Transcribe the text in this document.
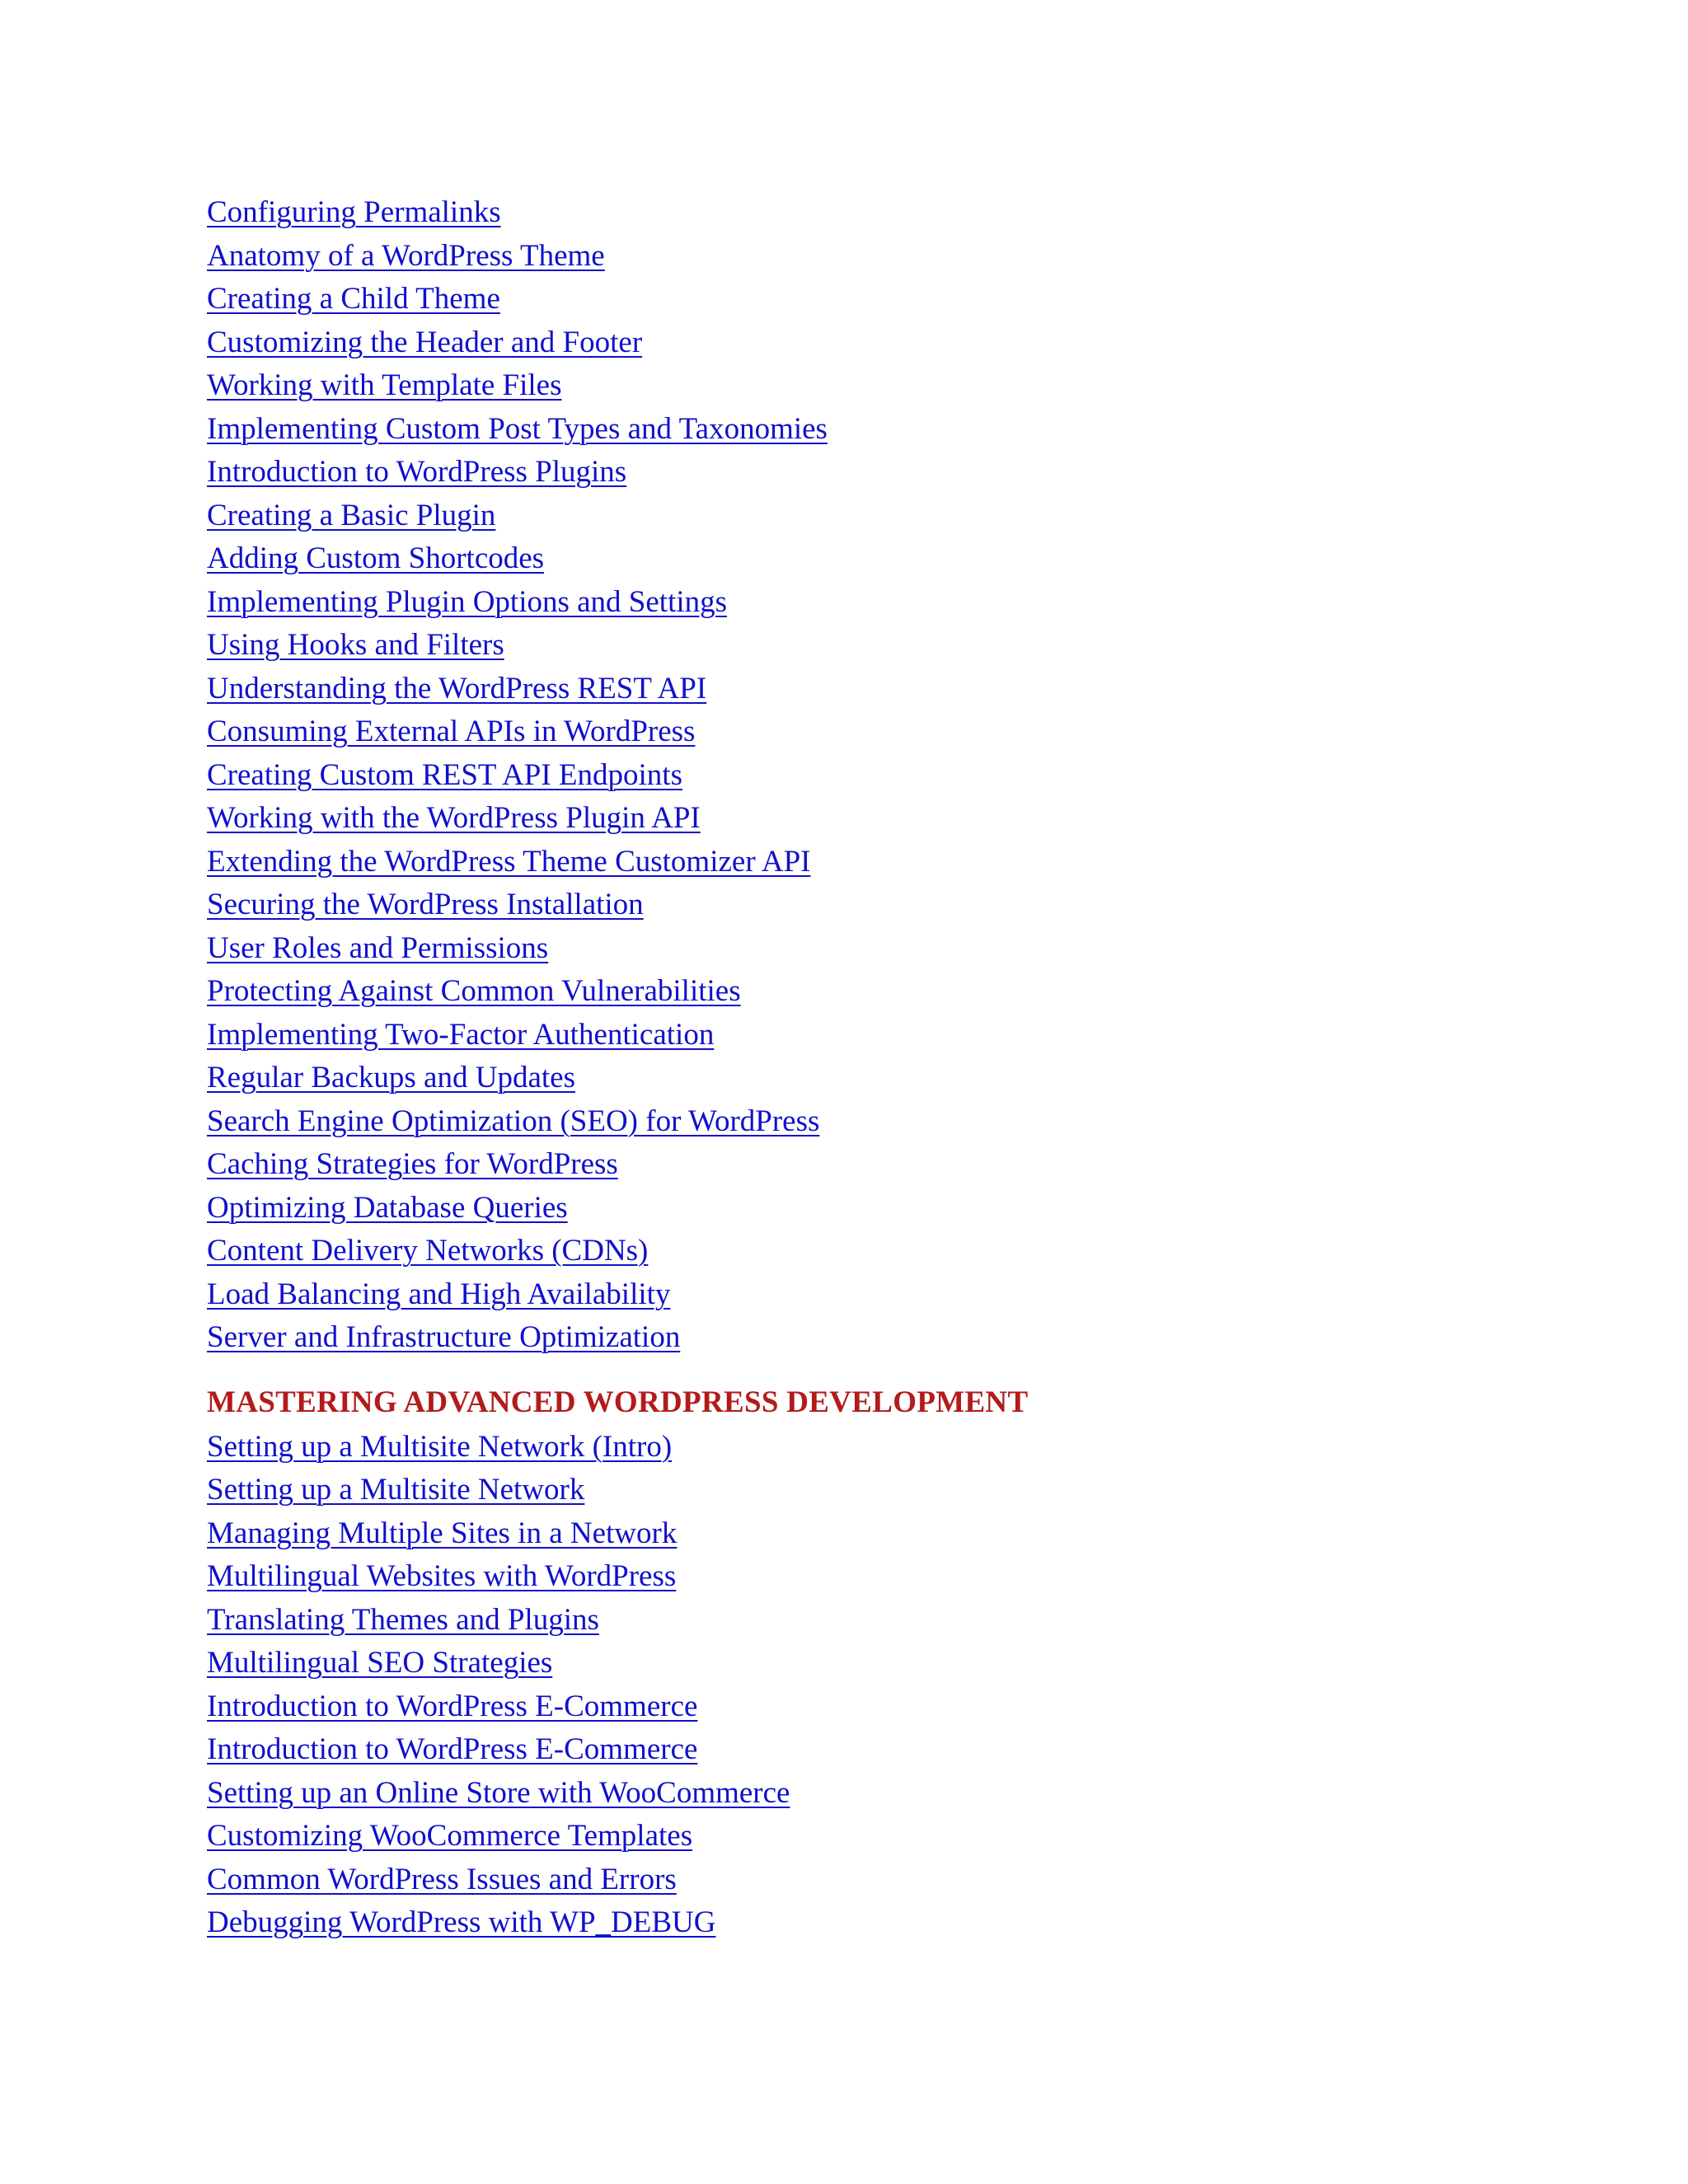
Configuring Permalinks
Anatomy of a WordPress Theme
Creating a Child Theme
Customizing the Header and Footer
Working with Template Files
Implementing Custom Post Types and Taxonomies
Introduction to WordPress Plugins
Creating a Basic Plugin
Adding Custom Shortcodes
Implementing Plugin Options and Settings
Using Hooks and Filters
Understanding the WordPress REST API
Consuming External APIs in WordPress
Creating Custom REST API Endpoints
Working with the WordPress Plugin API
Extending the WordPress Theme Customizer API
Securing the WordPress Installation
User Roles and Permissions
Protecting Against Common Vulnerabilities
Implementing Two-Factor Authentication
Regular Backups and Updates
Search Engine Optimization (SEO) for WordPress
Caching Strategies for WordPress
Optimizing Database Queries
Content Delivery Networks (CDNs)
Load Balancing and High Availability
Server and Infrastructure Optimization
MASTERING ADVANCED WORDPRESS DEVELOPMENT
Setting up a Multisite Network (Intro)
Setting up a Multisite Network
Managing Multiple Sites in a Network
Multilingual Websites with WordPress
Translating Themes and Plugins
Multilingual SEO Strategies
Introduction to WordPress E-Commerce
Introduction to WordPress E-Commerce
Setting up an Online Store with WooCommerce
Customizing WooCommerce Templates
Common WordPress Issues and Errors
Debugging WordPress with WP_DEBUG
